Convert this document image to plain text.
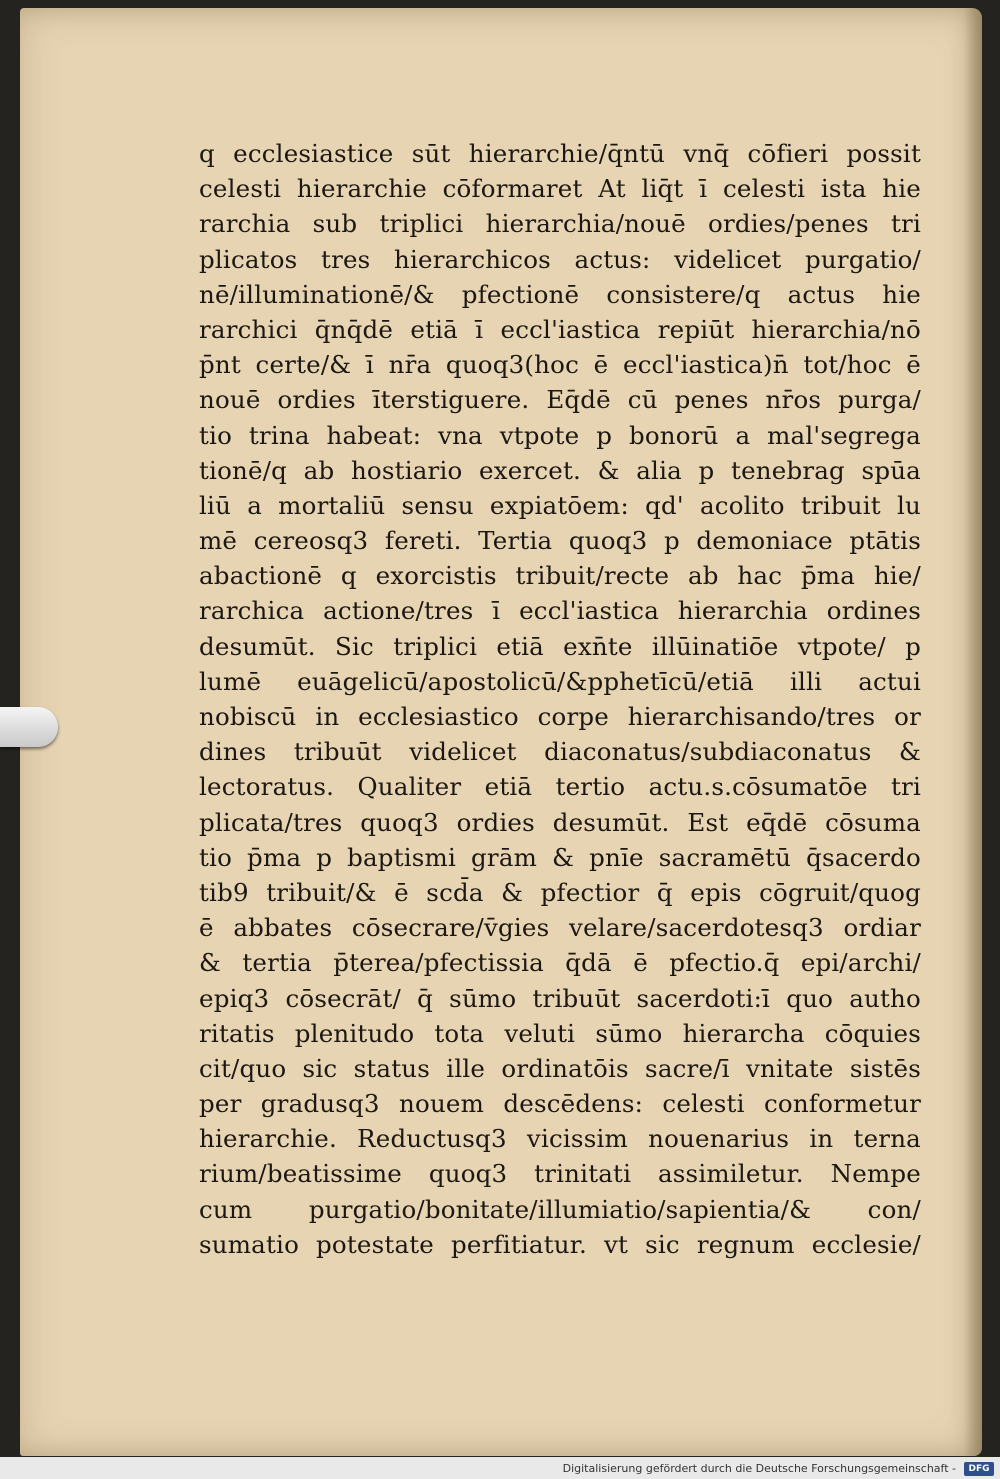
q ecclesiastice sūt hierarchie/q̄ntū vnq̄ cōfieri possit
celesti hierarchie cōformaret At liq̄t ī celesti ista hie
rarchia sub triplici hierarchia/nouē ordies/penes tri
plicatos tres hierarchicos actus: videlicet purgatio/
nē/illuminationē/& pfectionē consistere/q actus hie
rarchici q̄nq̄dē etiā ī eccl'iastica repiūt hierarchia/nō
p̄nt certe/& ī nr̄a quoq3(hoc ē eccl'iastica)n̄ tot/hoc ē
nouē ordies īterstiguere. Eq̄dē cū penes nr̄os purga/
tio trina habeat: vna vtpote p bonorū a mal'segrega
tionē/q ab hostiario exercet. & alia p tenebrag spūa
liū a mortaliū sensu expiatōem: qd' acolito tribuit lu
mē cereosq3 fereti. Tertia quoq3 p demoniace ptātis
abactionē q exorcistis tribuit/recte ab hac p̄ma hie/
rarchica actione/tres ī eccl'iastica hierarchia ordines
desumūt. Sic triplici etiā exn̄te illūinatiōe vtpote/ p
lumē euāgelicū/apostolicū/&pphetīcū/etiā illi actui
nobiscū in ecclesiastico corpe hierarchisando/tres or
dines tribuūt videlicet diaconatus/subdiaconatus &
lectoratus. Qualiter etiā tertio actu.s.cōsumatōe tri
plicata/tres quoq3 ordies desumūt. Est eq̄dē cōsuma
tio p̄ma p baptismi grām & pnīe sacramētū q̄sacerdo
tib9 tribuit/& ē scd̄a & pfectior q̄ epis cōgruit/quog
ē abbates cōsecrare/v̄gies velare/sacerdotesq3 ordiar
& tertia p̄terea/pfectissia q̄dā ē pfectio.q̄ epi/archi/
epiq3 cōsecrāt/ q̄ sūmo tribuūt sacerdoti:ī quo autho
ritatis plenitudo tota veluti sūmo hierarcha cōquies
cit/quo sic status ille ordinatōis sacre/ī vnitate sistēs
per gradusq3 nouem descēdens: celesti conformetur
hierarchie. Reductusq3 vicissim nouenarius in terna
rium/beatissime quoq3 trinitati assimiletur. Nempe
cum purgatio/bonitate/illumiatio/sapientia/& con/
sumatio potestate perfitiatur. vt sic regnum ecclesie/
Digitalisierung gefördert durch die Deutsche Forschungsgemeinschaft -	DFG
